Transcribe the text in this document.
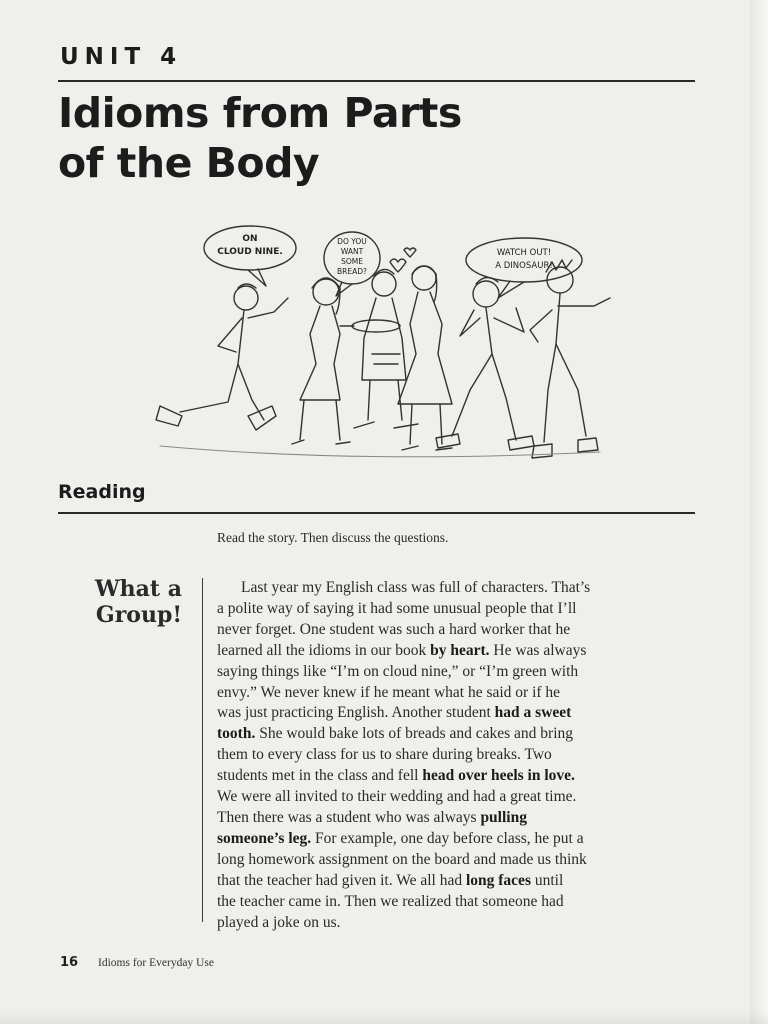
UNIT 4
Idioms from Parts
of the Body
ON
CLOUD NINE.
DO YOU
WANT
SOME
BREAD?
WATCH OUT!
A DINOSAUR!
Reading
Read the story. Then discuss the questions.
What a
Group!
Last year my English class was full of characters. That’s
a polite way of saying it had some unusual people that I’ll
never forget. One student was such a hard worker that he
learned all the idioms in our book by heart. He was always
saying things like “I’m on cloud nine,” or “I’m green with
envy.” We never knew if he meant what he said or if he
was just practicing English. Another student had a sweet
tooth. She would bake lots of breads and cakes and bring
them to every class for us to share during breaks. Two
students met in the class and fell head over heels in love.
We were all invited to their wedding and had a great time.
Then there was a student who was always pulling
someone’s leg. For example, one day before class, he put a
long homework assignment on the board and made us think
that the teacher had given it. We all had long faces until
the teacher came in. Then we realized that someone had
played a joke on us.
16 Idioms for Everyday Use
